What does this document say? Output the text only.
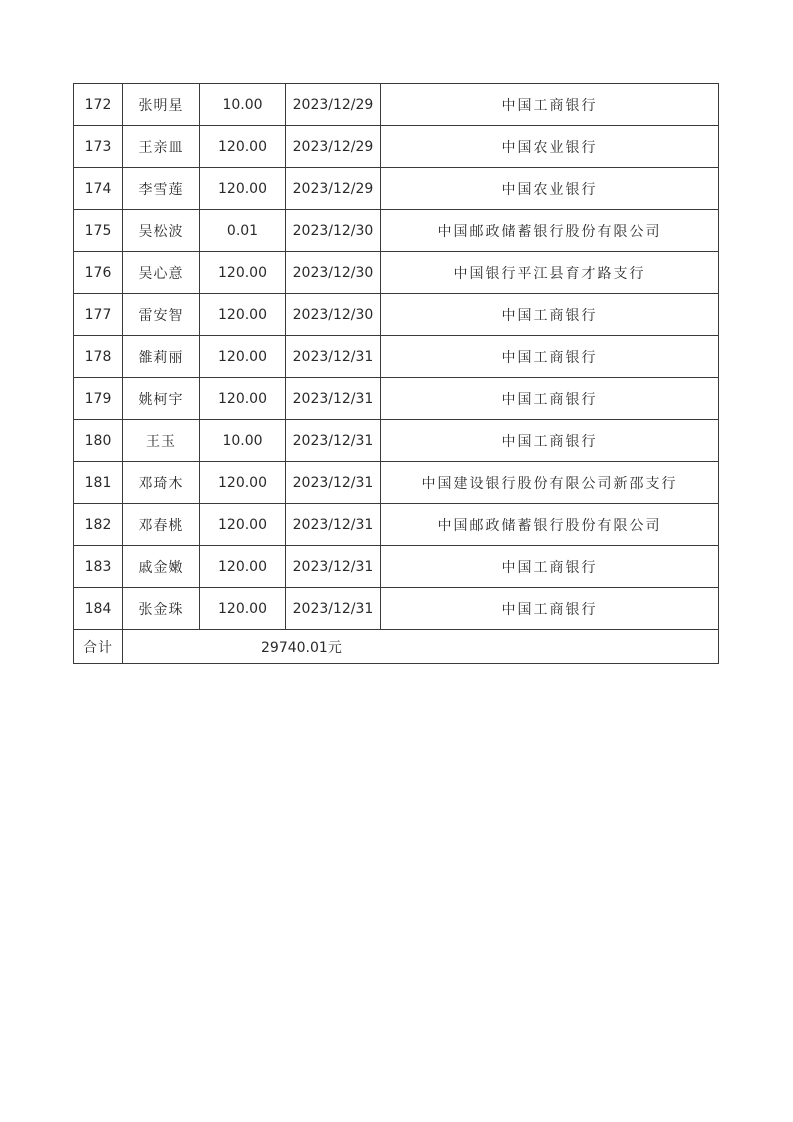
172	张明星	10.00	2023/12/29	中国工商银行
173	王亲皿	120.00	2023/12/29	中国农业银行
174	李雪莲	120.00	2023/12/29	中国农业银行
175	吴松波	0.01	2023/12/30	中国邮政储蓄银行股份有限公司
176	吴心意	120.00	2023/12/30	中国银行平江县育才路支行
177	雷安智	120.00	2023/12/30	中国工商银行
178	雒莉丽	120.00	2023/12/31	中国工商银行
179	姚柯宇	120.00	2023/12/31	中国工商银行
180	王玉	10.00	2023/12/31	中国工商银行
181	邓琦木	120.00	2023/12/31	中国建设银行股份有限公司新邵支行
182	邓春桃	120.00	2023/12/31	中国邮政储蓄银行股份有限公司
183	戚金嫩	120.00	2023/12/31	中国工商银行
184	张金珠	120.00	2023/12/31	中国工商银行
合计	29740.01元			
